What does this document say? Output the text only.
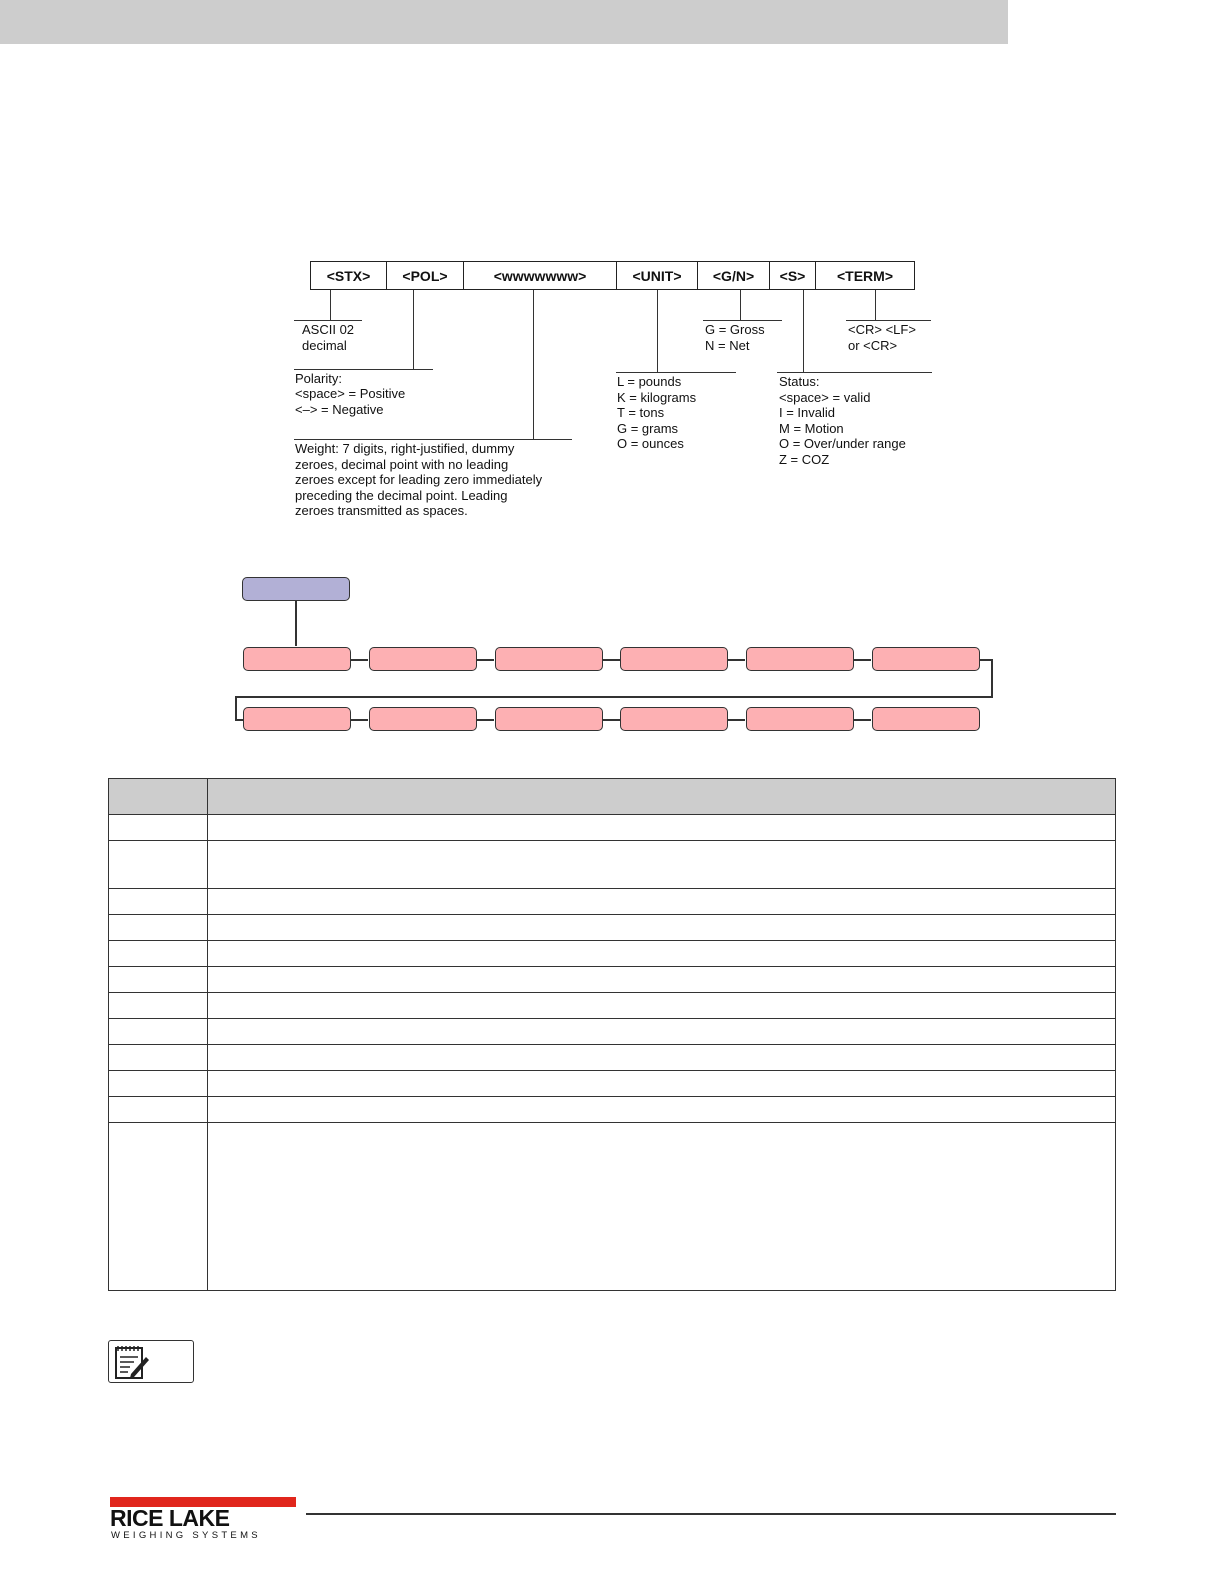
<STX>	<POL>	<wwwwwww>	<UNIT>	<G/N>	<S>	<TERM>
ASCII 02
decimal
Polarity:
<space> = Positive
<–> = Negative
Weight: 7 digits, right-justified, dummy
zeroes, decimal point with no leading
zeroes except for leading zero immediately
preceding the decimal point. Leading
zeroes transmitted as spaces.
L = pounds
K = kilograms
T = tons
G = grams
O = ounces
G = Gross
N = Net
Status:
<space> = valid
I = Invalid
M = Motion
O = Over/under range
Z = COZ
<CR> <LF>
or <CR>
RICE LAKE
WEIGHING SYSTEMS
